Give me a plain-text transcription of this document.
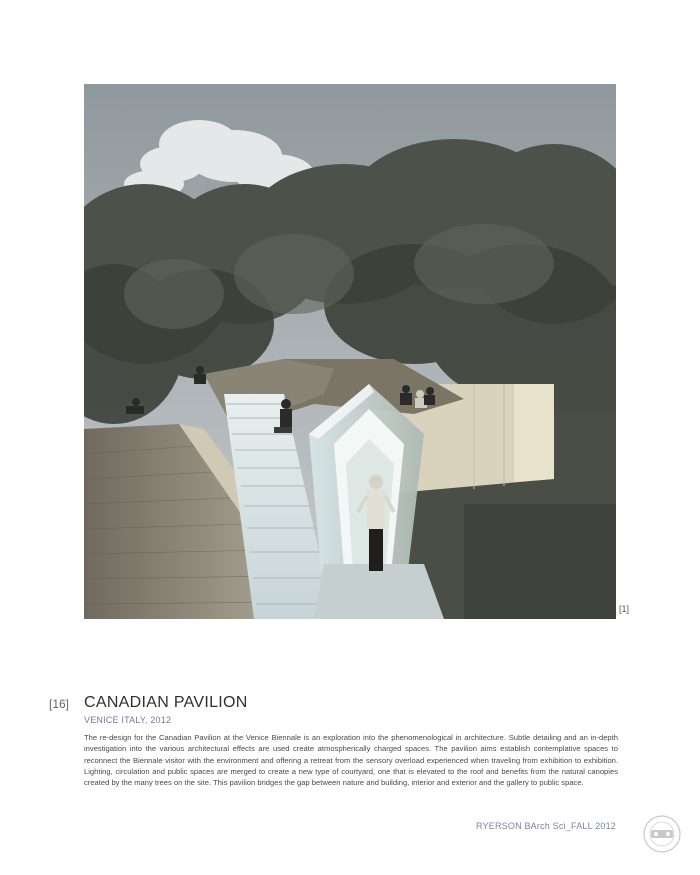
[1]
[16] CANADIAN PAVILION
VENICE ITALY, 2012

The re-design for the Canadian Pavilion at the Venice Biennale is an exploration into the phenomenological in architecture. Subtle detailing and an in-depth investigation into the various architectural effects are used create atmospherically charged spaces. The pavilion aims establish contemplative spaces to reconnect the Biennale visitor with the environment and offering a retreat from the sensory overload experienced when traveling from exhibition to exhibition. Lighting, circulation and public spaces are merged to create a new type of courtyard, one that is elevated to the roof and benefits from the natural canopies created by the many trees on the site. This pavilion bridges the gap between nature and building, interior and exterior and the gallery to public space.

RYERSON BArch Sci_FALL 2012
